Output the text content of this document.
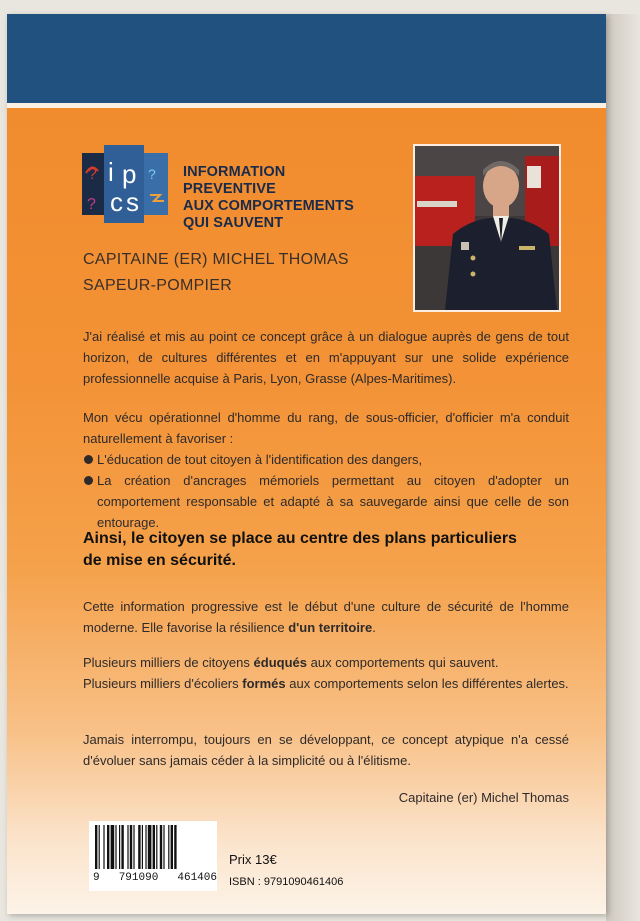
?
?
?
i p
c s
INFORMATION
PREVENTIVE
AUX COMPORTEMENTS
QUI SAUVENT
CAPITAINE (ER) MICHEL THOMAS
SAPEUR-POMPIER
J'ai réalisé et mis au point ce concept grâce à un dialogue auprès de gens de tout horizon, de cultures différentes et en m'appuyant sur une solide expérience professionnelle acquise à Paris, Lyon, Grasse (Alpes-Maritimes).
Mon vécu opérationnel d'homme du rang, de sous-officier, d'officier m'a conduit naturellement à favoriser :
L'éducation de tout citoyen à l'identification des dangers,
La création d'ancrages mémoriels permettant au citoyen d'adopter un comportement responsable et adapté à sa sauvegarde ainsi que celle de son entourage.
Ainsi, le citoyen se place au centre des plans particuliers
de mise en sécurité.
Cette information progressive est le début d'une culture de sécurité de l'homme moderne. Elle favorise la résilience d'un territoire.
Plusieurs milliers de citoyens éduqués aux comportements qui sauvent.
Plusieurs milliers d'écoliers formés aux comportements selon les différentes alertes.
Jamais interrompu, toujours en se développant, ce concept atypique n'a cessé d'évoluer sans jamais céder à la simplicité ou à l'élitisme.
Capitaine (er) Michel Thomas
9 791090 461406
Prix 13€
ISBN : 9791090461406
